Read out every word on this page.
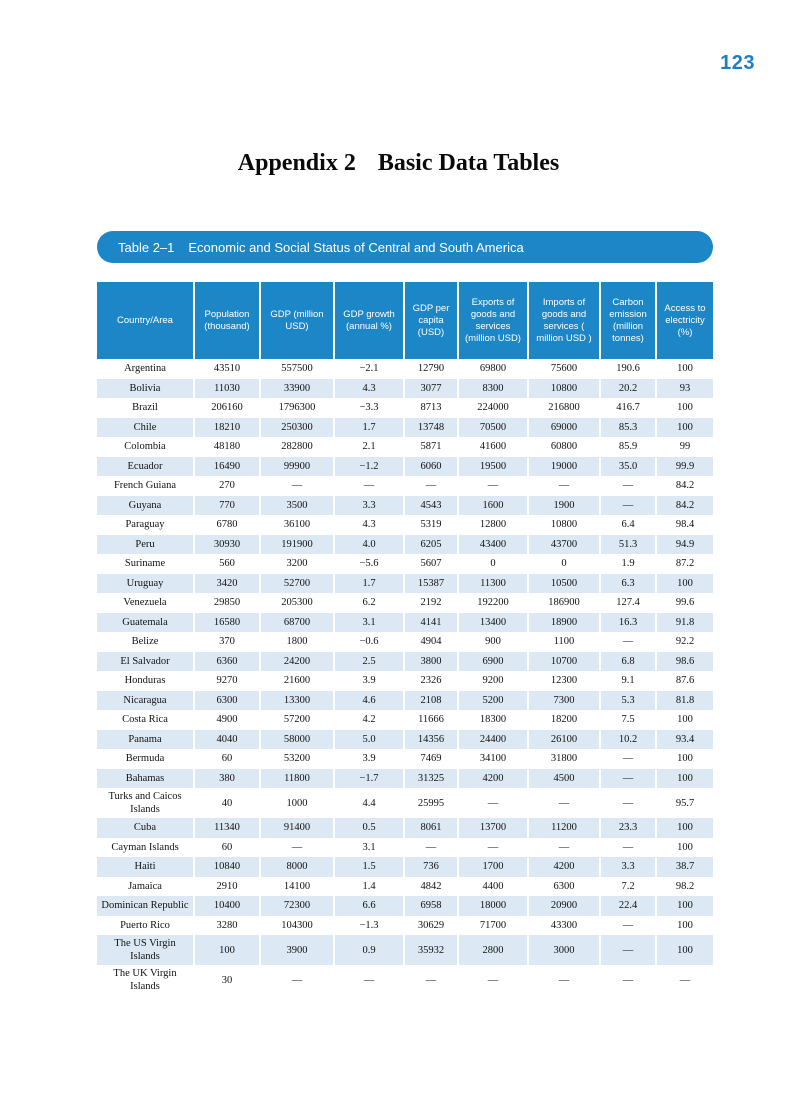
123
Appendix 2 Basic Data Tables
Table 2–1 Economic and Social Status of Central and South America
Country/Area	Population (thousand)	GDP (million USD)	GDP growth (annual %)	GDP per capita (USD)	Exports of goods and services (million USD)	Imports of goods and services ( million USD )	Carbon emission (million tonnes)	Access to electricity (%)
Argentina	43510	557500	−2.1	12790	69800	75600	190.6	100
Bolivia	11030	33900	4.3	3077	8300	10800	20.2	93
Brazil	206160	1796300	−3.3	8713	224000	216800	416.7	100
Chile	18210	250300	1.7	13748	70500	69000	85.3	100
Colombia	48180	282800	2.1	5871	41600	60800	85.9	99
Ecuador	16490	99900	−1.2	6060	19500	19000	35.0	99.9
French Guiana	270	—	—	—	—	—	—	84.2
Guyana	770	3500	3.3	4543	1600	1900	—	84.2
Paraguay	6780	36100	4.3	5319	12800	10800	6.4	98.4
Peru	30930	191900	4.0	6205	43400	43700	51.3	94.9
Suriname	560	3200	−5.6	5607	0	0	1.9	87.2
Uruguay	3420	52700	1.7	15387	11300	10500	6.3	100
Venezuela	29850	205300	6.2	2192	192200	186900	127.4	99.6
Guatemala	16580	68700	3.1	4141	13400	18900	16.3	91.8
Belize	370	1800	−0.6	4904	900	1100	—	92.2
El Salvador	6360	24200	2.5	3800	6900	10700	6.8	98.6
Honduras	9270	21600	3.9	2326	9200	12300	9.1	87.6
Nicaragua	6300	13300	4.6	2108	5200	7300	5.3	81.8
Costa Rica	4900	57200	4.2	11666	18300	18200	7.5	100
Panama	4040	58000	5.0	14356	24400	26100	10.2	93.4
Bermuda	60	53200	3.9	7469	34100	31800	—	100
Bahamas	380	11800	−1.7	31325	4200	4500	—	100
Turks and Caicos Islands	40	1000	4.4	25995	—	—	—	95.7
Cuba	11340	91400	0.5	8061	13700	11200	23.3	100
Cayman Islands	60	—	3.1	—	—	—	—	100
Haiti	10840	8000	1.5	736	1700	4200	3.3	38.7
Jamaica	2910	14100	1.4	4842	4400	6300	7.2	98.2
Dominican Republic	10400	72300	6.6	6958	18000	20900	22.4	100
Puerto Rico	3280	104300	−1.3	30629	71700	43300	—	100
The US Virgin Islands	100	3900	0.9	35932	2800	3000	—	100
The UK Virgin Islands	30	—	—	—	—	—	—	—
